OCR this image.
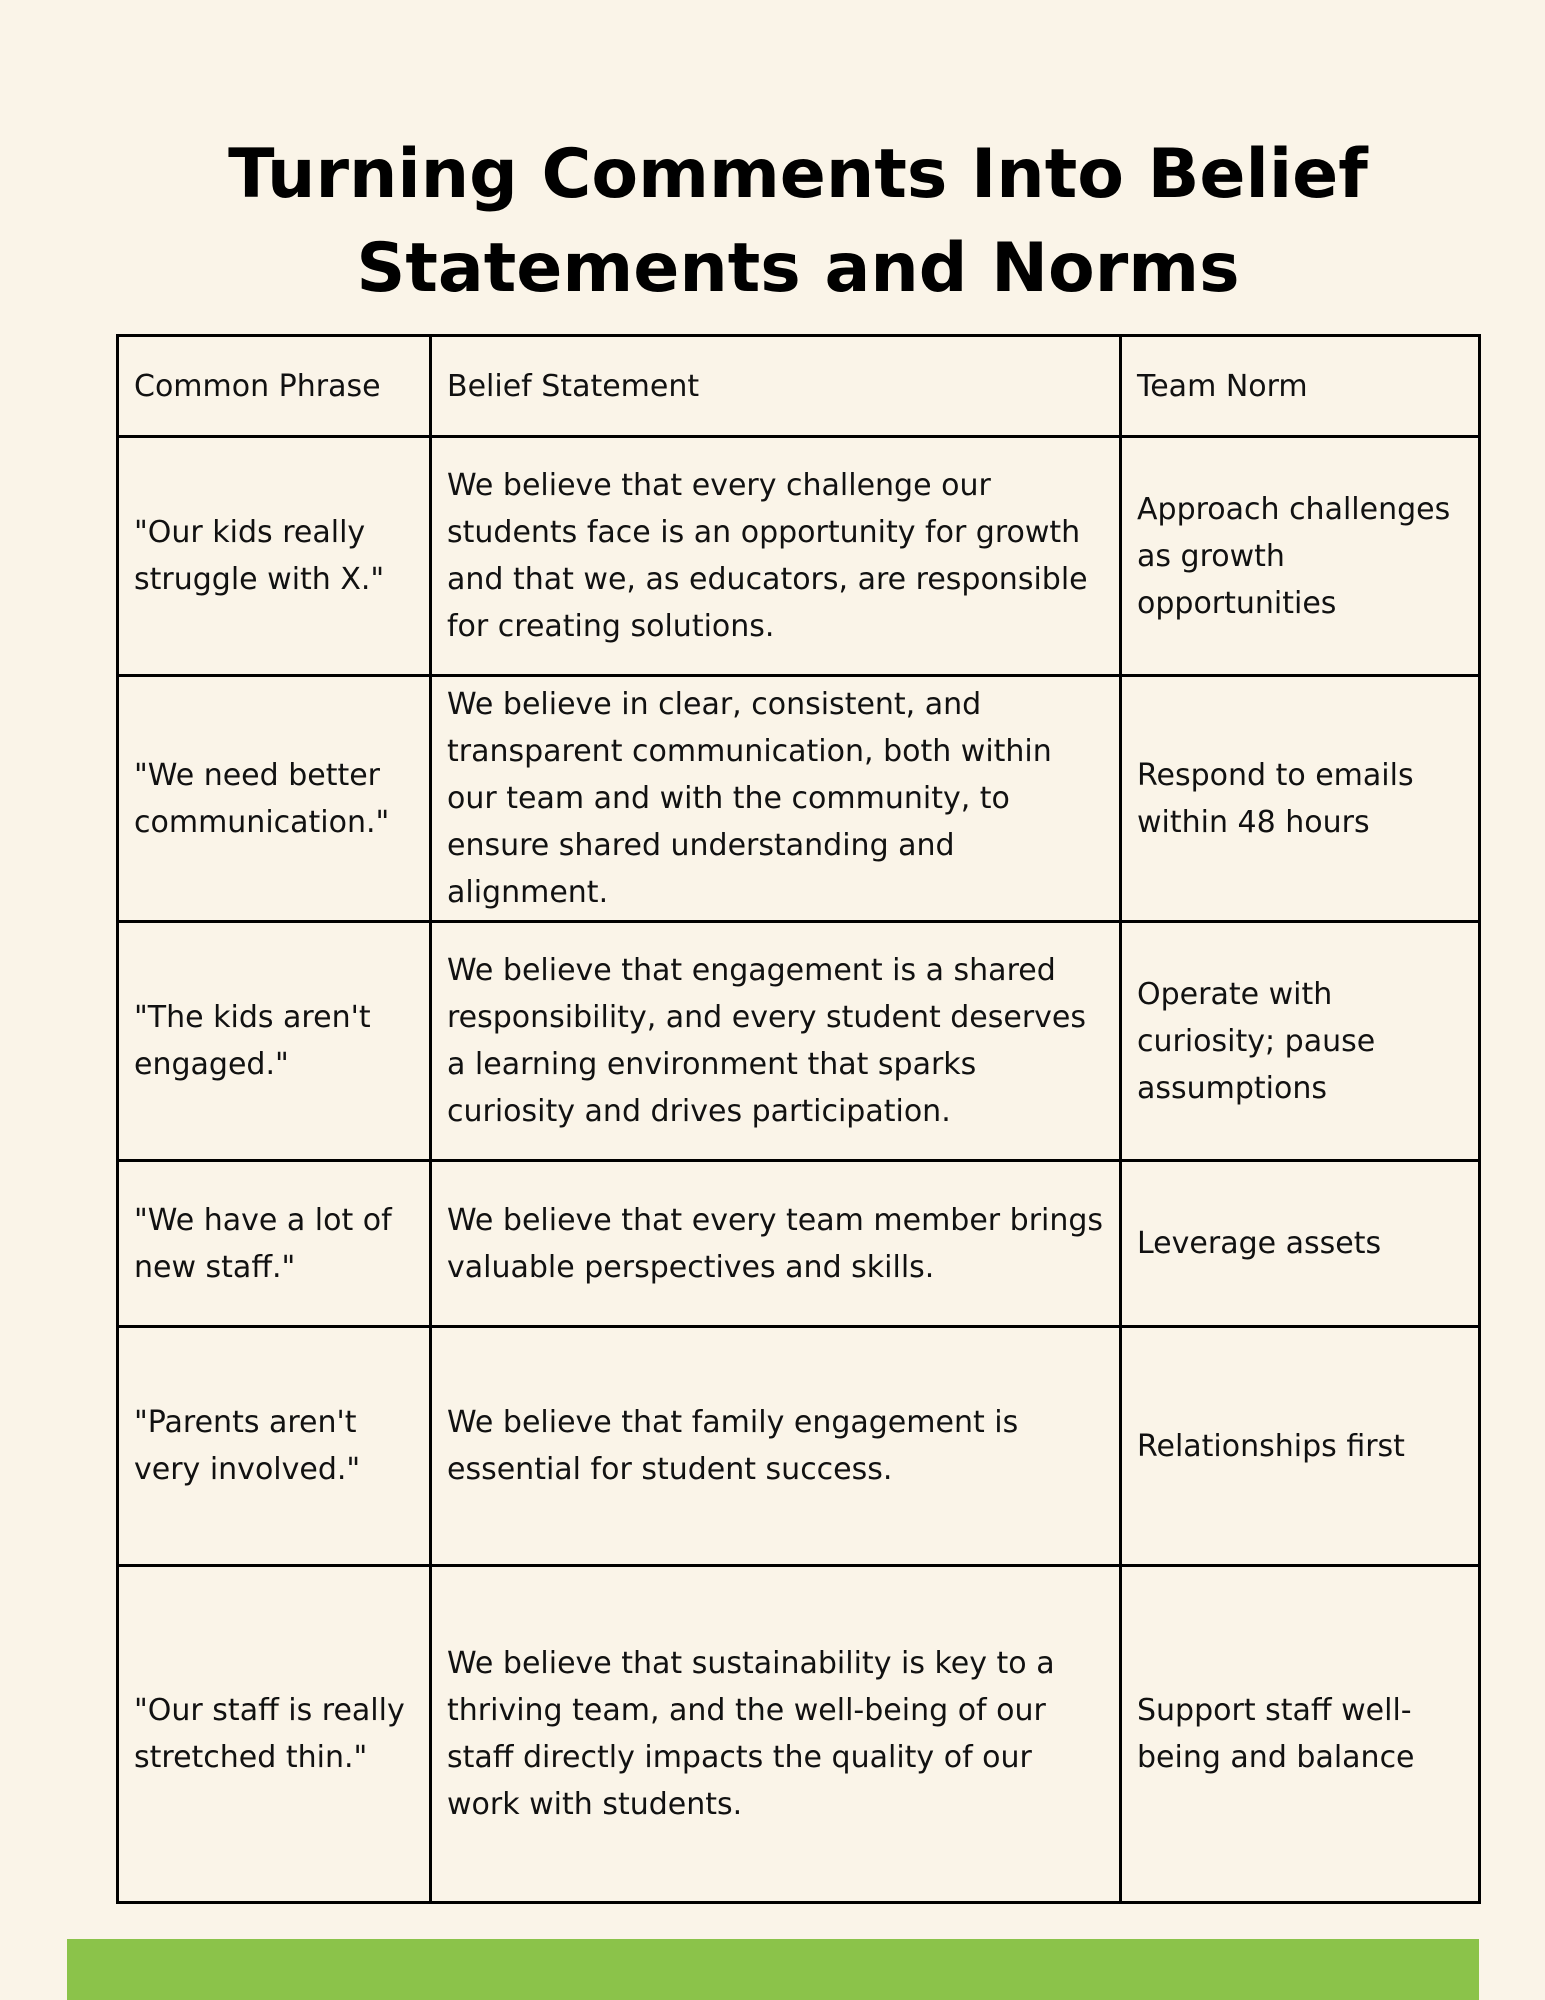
Turning Comments Into Belief
Statements and Norms
Common Phrase	Belief Statement	Team Norm
"Our kids really struggle with X."	We believe that every challenge our students face is an opportunity for growth and that we, as educators, are responsible for creating solutions.	Approach challenges as growth opportunities
"We need better communication."	We believe in clear, consistent, and transparent communication, both within our team and with the community, to ensure shared understanding and alignment.	Respond to emails within 48 hours
"The kids aren't engaged."	We believe that engagement is a shared responsibility, and every student deserves a learning environment that sparks curiosity and drives participation.	Operate with curiosity; pause assumptions
"We have a lot of new staff."	We believe that every team member brings valuable perspectives and skills.	Leverage assets
"Parents aren't very involved."	We believe that family engagement is essential for student success.	Relationships first
"Our staff is really stretched thin."	We believe that sustainability is key to a thriving team, and the well-being of our staff directly impacts the quality of our work with students.	Support staff well-being and balance
